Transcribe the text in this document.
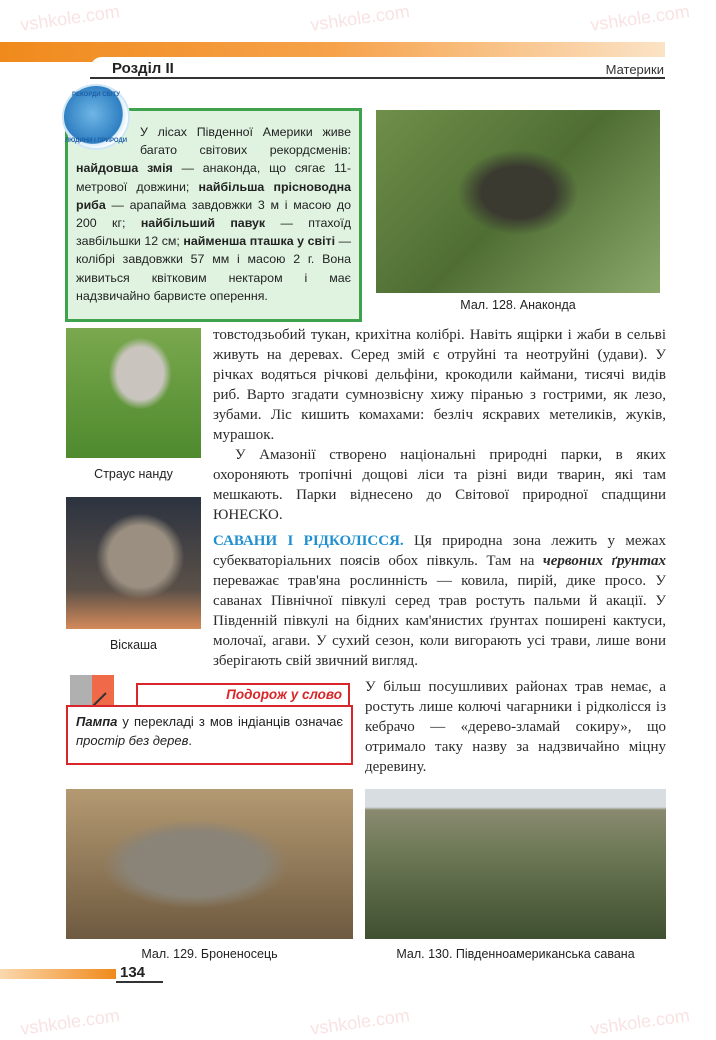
Розділ II	Материки
У лісах Південної Америки живе багато світових рекордсменів: найдовша змія — анаконда, що сягає 11-метрової довжини; найбільша прісноводна риба — арапайма завдовжки 3 м і масою до 200 кг; найбільший павук — птахоїд завбільшки 12 см; найменша пташка у світі — колібрі завдовжки 57 мм і масою 2 г. Вона живиться квітковим нектаром і має надзвичайно барвисте оперення.
РЕКОРДИ СВІТУ
ЛЮДИНИ І ПРИРОДИ
Мал. 128. Анаконда
Страус нанду
Віскаша

товстодзьобий тукан, крихітна колібрі. Навіть ящірки і жаби в сельві живуть на деревах. Серед змій є отруйні та неотруйні (удави). У річках водяться річкові дельфіни, крокодили каймани, тисячі видів риб. Варто згадати сумнозвісну хижу піранью з гострими, як лезо, зубами. Ліс кишить комахами: безліч яскравих метеликів, жуків, мурашок.

У Амазонії створено національні природні парки, в яких охороняють тропічні дощові ліси та різні види тварин, які там мешкають. Парки віднесено до Світової природної спадщини ЮНЕСКО.

САВАНИ І РІДКОЛІССЯ. Ця природна зона лежить у межах субекваторіальних поясів обох півкуль. Там на червоних ґрунтах переважає трав'яна рослинність — ковила, пирій, дике просо. У саванах Північної півкулі серед трав ростуть пальми й акації. У Південній півкулі на бідних кам'янистих ґрунтах поширені кактуси, молочаї, агави. У сухий сезон, коли вигорають усі трави, лише вони зберігають свій звичний вигляд.

Подорож у слово
Пампа у перекладі з мов індіанців означає простір без дерев.
У більш посушливих районах трав немає, а ростуть лише колючі чагарники і рідколісся із кебрачо — «дерево-зламай сокиру», що отримало таку назву за надзвичайно міцну деревину.
Мал. 129. Броненосець	Мал. 130. Південноамериканська савана
134
vshkole.com	vshkole.com	vshkole.com
vshkole.com	vshkole.com	vshkole.com
